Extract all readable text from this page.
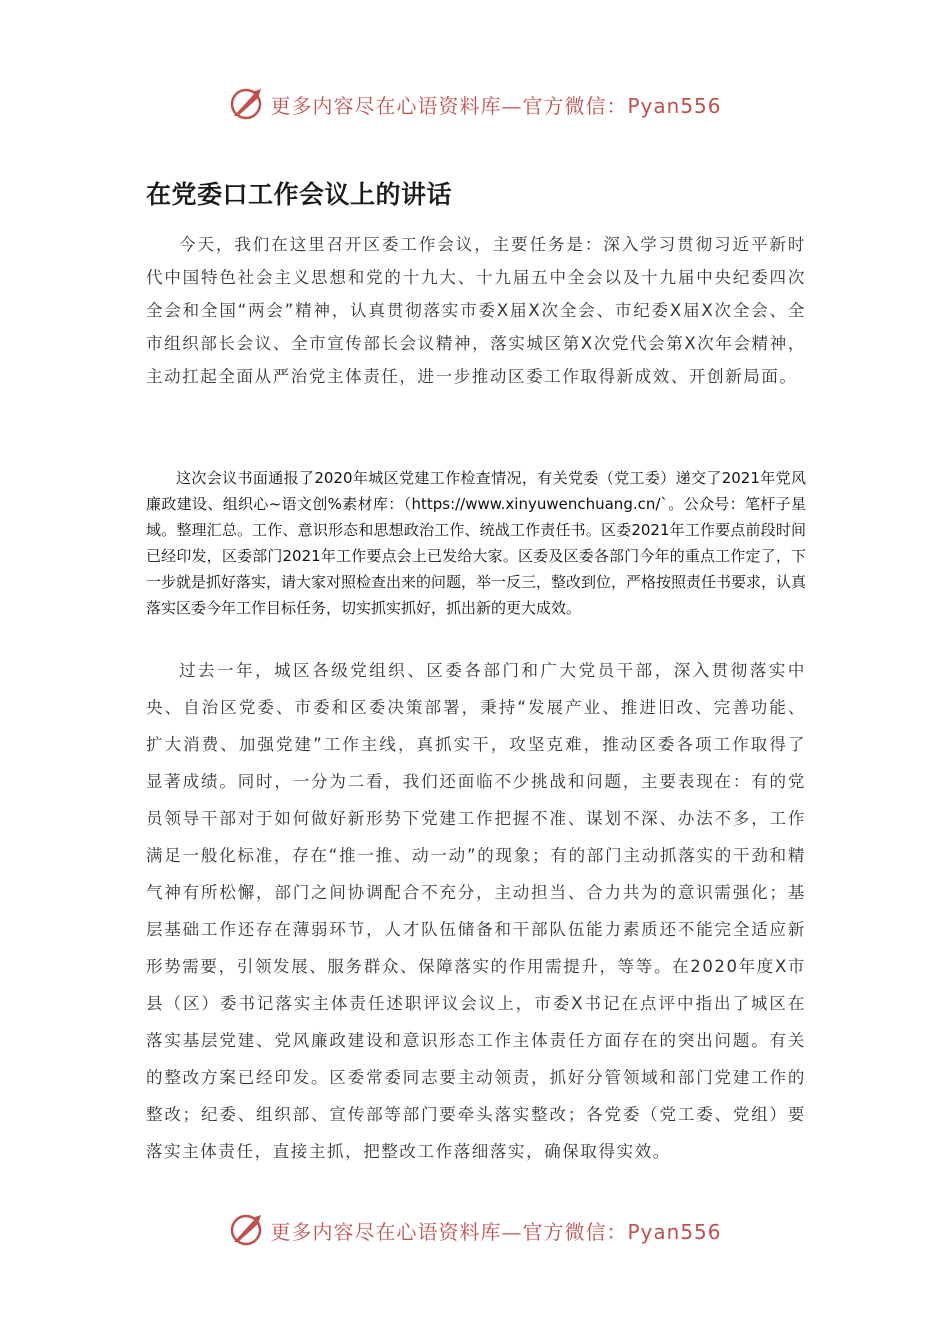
更多内容尽在心语资料库—官方微信：Pyan556
在党委口工作会议上的讲话

今天，我们在这里召开区委工作会议，主要任务是：深入学习贯彻习近平新时代中国特色社会主义思想和党的十九大、十九届五中全会以及十九届中央纪委四次全会和全国“两会”精神，认真贯彻落实市委X届X次全会、市纪委X届X次全会、全市组织部长会议、全市宣传部长会议精神，落实城区第X次党代会第X次年会精神，主动扛起全面从严治党主体责任，进一步推动区委工作取得新成效、开创新局面。

这次会议书面通报了2020年城区党建工作检查情况，有关党委（党工委）递交了2021年党风廉政建设、组织心~语文创%素材库：（https://www.xinyuwenchuang.cn/`。公众号：笔杆子星域。整理汇总。工作、意识形态和思想政治工作、统战工作责任书。区委2021年工作要点前段时间已经印发，区委部门2021年工作要点会上已发给大家。区委及区委各部门今年的重点工作定了，下一步就是抓好落实，请大家对照检查出来的问题，举一反三，整改到位，严格按照责任书要求，认真落实区委今年工作目标任务，切实抓实抓好，抓出新的更大成效。

过去一年，城区各级党组织、区委各部门和广大党员干部，深入贯彻落实中央、自治区党委、市委和区委决策部署，秉持“发展产业、推进旧改、完善功能、扩大消费、加强党建”工作主线，真抓实干，攻坚克难，推动区委各项工作取得了显著成绩。同时，一分为二看，我们还面临不少挑战和问题，主要表现在：有的党员领导干部对于如何做好新形势下党建工作把握不准、谋划不深、办法不多，工作满足一般化标准，存在“推一推、动一动”的现象；有的部门主动抓落实的干劲和精气神有所松懈，部门之间协调配合不充分，主动担当、合力共为的意识需强化；基层基础工作还存在薄弱环节，人才队伍储备和干部队伍能力素质还不能完全适应新形势需要，引领发展、服务群众、保障落实的作用需提升，等等。在2020年度X市县（区）委书记落实主体责任述职评议会议上，市委X书记在点评中指出了城区在落实基层党建、党风廉政建设和意识形态工作主体责任方面存在的突出问题。有关的整改方案已经印发。区委常委同志要主动领责，抓好分管领域和部门党建工作的整改；纪委、组织部、宣传部等部门要牵头落实整改；各党委（党工委、党组）要落实主体责任，直接主抓，把整改工作落细落实，确保取得实效。

更多内容尽在心语资料库—官方微信：Pyan556
